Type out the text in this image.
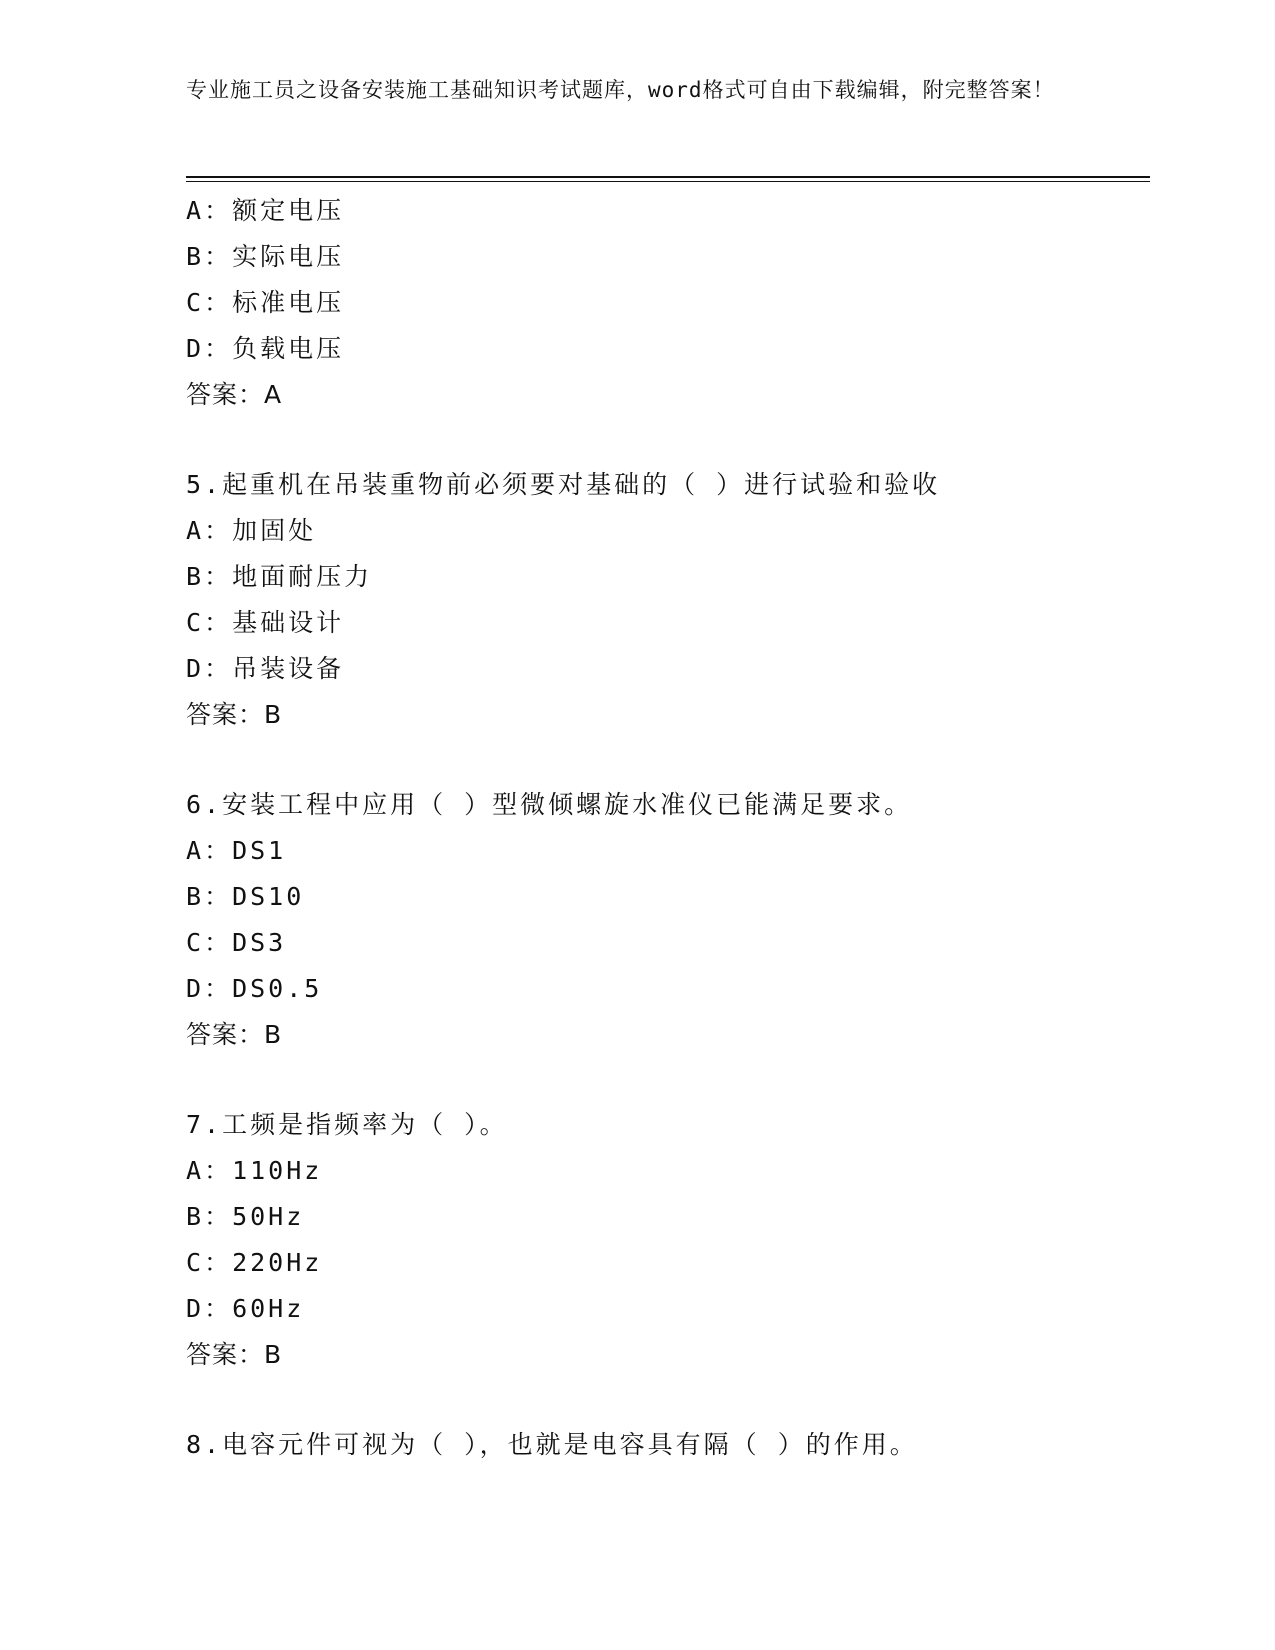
专业施工员之设备安装施工基础知识考试题库，word格式可自由下载编辑，附完整答案！
A：额定电压
B：实际电压
C：标准电压
D：负载电压
答案：A
5.起重机在吊装重物前必须要对基础的（ ）进行试验和验收
A：加固处
B：地面耐压力
C：基础设计
D：吊装设备
答案：B
6.安装工程中应用（ ）型微倾螺旋水准仪已能满足要求。
A：DS1
B：DS10
C：DS3
D：DS0.5
答案：B
7.工频是指频率为（ ）。
A：110Hz
B：50Hz
C：220Hz
D：60Hz
答案：B
8.电容元件可视为（ ），也就是电容具有隔（ ）的作用。
